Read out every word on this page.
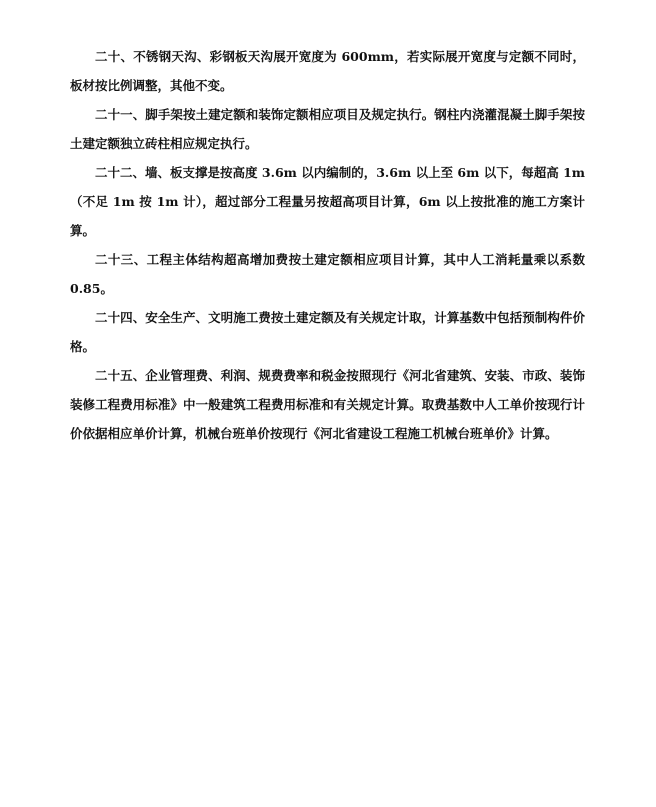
二十、不锈钢天沟、彩钢板天沟展开宽度为 600mm，若实际展开宽度与定额不同时，板材按比例调整，其他不变。

二十一、脚手架按土建定额和装饰定额相应项目及规定执行。钢柱内浇灌混凝土脚手架按土建定额独立砖柱相应规定执行。

二十二、墙、板支撑是按高度 3.6m 以内编制的，3.6m 以上至 6m 以下，每超高 1m（不足 1m 按 1m 计），超过部分工程量另按超高项目计算，6m 以上按批准的施工方案计算。

二十三、工程主体结构超高增加费按土建定额相应项目计算，其中人工消耗量乘以系数 0.85。

二十四、安全生产、文明施工费按土建定额及有关规定计取，计算基数中包括预制构件价格。

二十五、企业管理费、利润、规费费率和税金按照现行《河北省建筑、安装、市政、装饰装修工程费用标准》中一般建筑工程费用标准和有关规定计算。取费基数中人工单价按现行计价依据相应单价计算，机械台班单价按现行《河北省建设工程施工机械台班单价》计算。
